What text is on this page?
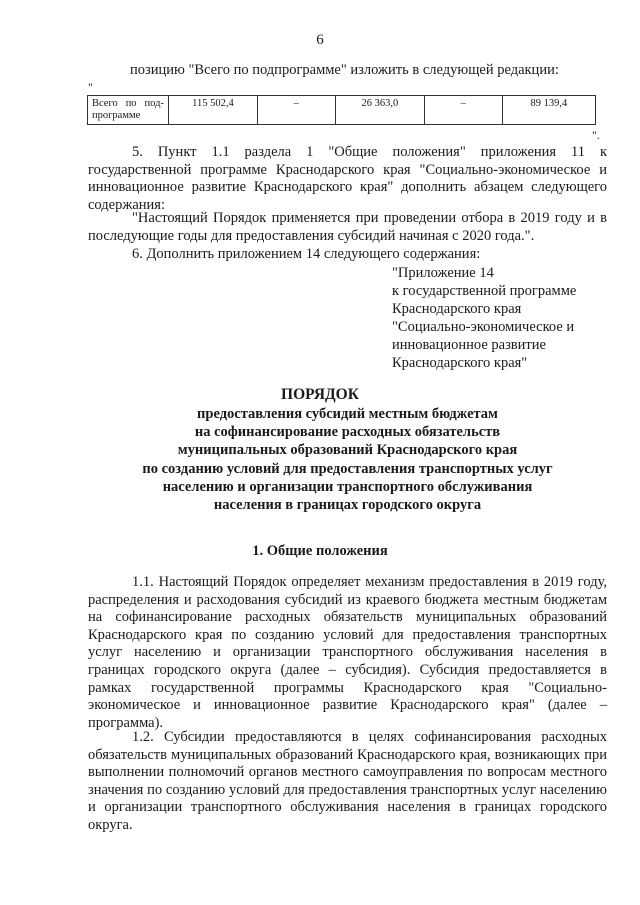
6
позицию "Всего по подпрограмме" изложить в следующей редакции:
"
Всего по под-программе	115 502,4	–	26 363,0	–	89 139,4
".
5. Пункт 1.1 раздела 1 "Общие положения" приложения 11 к государственной программе Краснодарского края "Социально-экономическое и инновационное развитие Краснодарского края" дополнить абзацем следующего содержания:
"Настоящий Порядок применяется при проведении отбора в 2019 году и в последующие годы для предоставления субсидий начиная с 2020 года.".
6. Дополнить приложением 14 следующего содержания:
"Приложение 14
к государственной программе
Краснодарского края
"Социально-экономическое и
инновационное развитие
Краснодарского края"
ПОРЯДОК
предоставления субсидий местным бюджетам
на софинансирование расходных обязательств
муниципальных образований Краснодарского края
по созданию условий для предоставления транспортных услуг
населению и организации транспортного обслуживания
населения в границах городского округа
1. Общие положения
1.1. Настоящий Порядок определяет механизм предоставления в 2019 году, распределения и расходования субсидий из краевого бюджета местным бюджетам на софинансирование расходных обязательств муниципальных образований Краснодарского края по созданию условий для предоставления транспортных услуг населению и организации транспортного обслуживания населения в границах городского округа (далее – субсидия). Субсидия предоставляется в рамках государственной программы Краснодарского края "Социально-экономическое и инновационное развитие Краснодарского края" (далее – программа).
1.2. Субсидии предоставляются в целях софинансирования расходных обязательств муниципальных образований Краснодарского края, возникающих при выполнении полномочий органов местного самоуправления по вопросам местного значения по созданию условий для предоставления транспортных услуг населению и организации транспортного обслуживания населения в границах городского округа.
